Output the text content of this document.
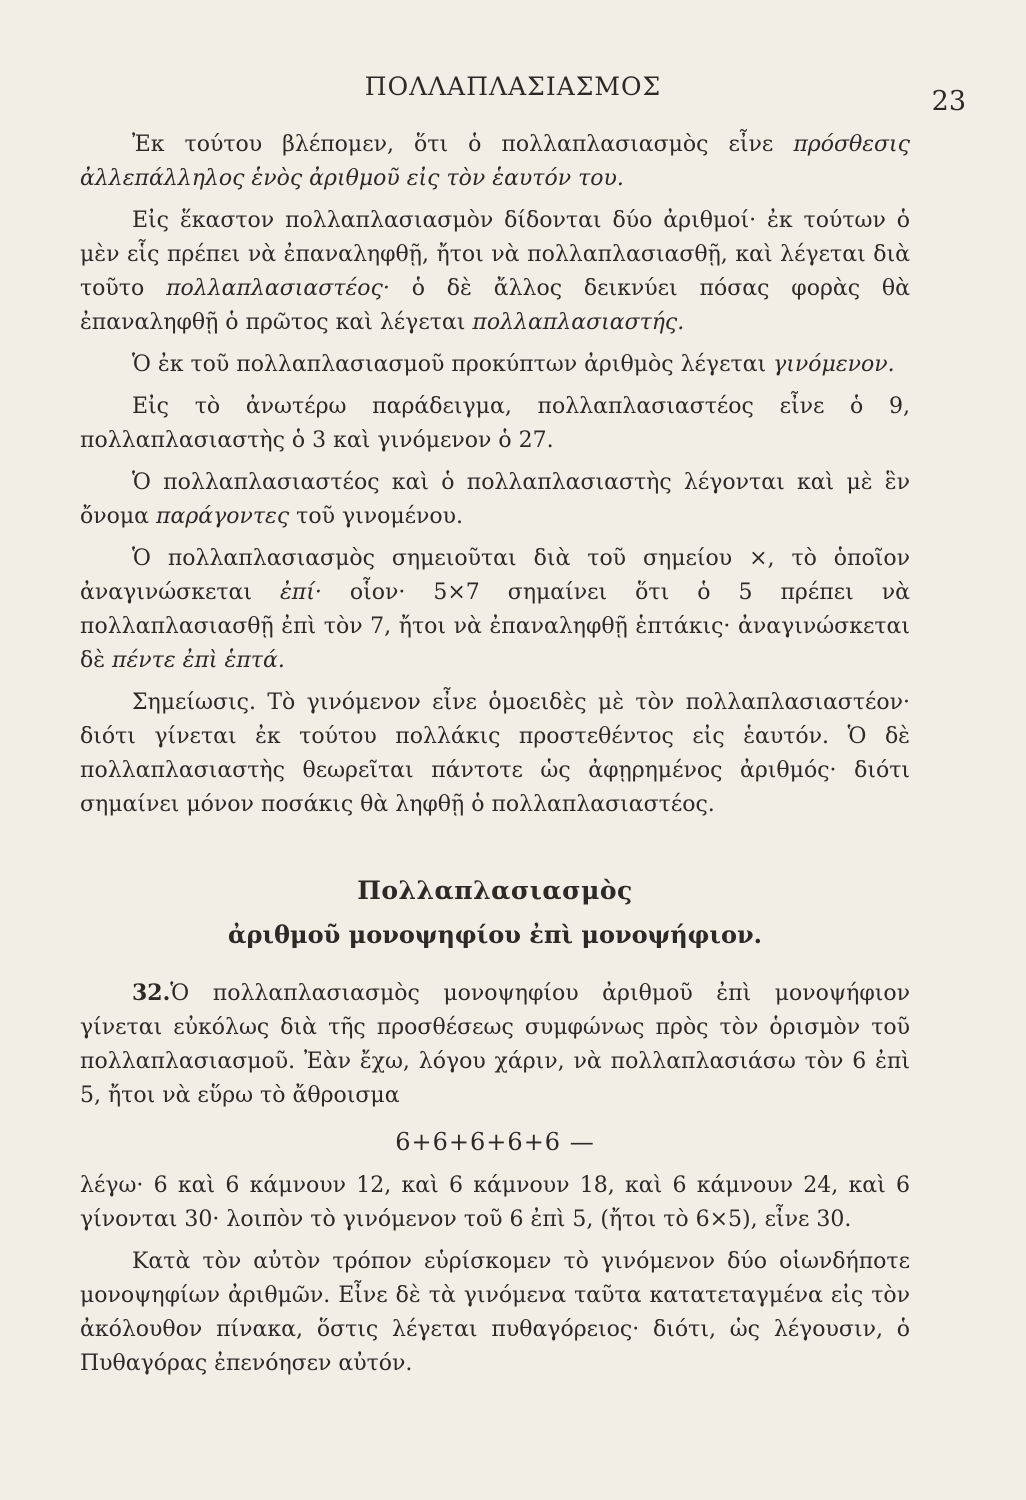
ΠΟΛΛΑΠΛΑΣΙΑΣΜΟΣ	23

Ἐκ τούτου βλέπομεν, ὅτι ὁ πολλαπλασιασμὸς εἶνε πρόσθεσις ἀλλεπάλληλος ἑνὸς ἀριθμοῦ εἰς τὸν ἑαυτόν του.

Εἰς ἕκαστον πολλαπλασιασμὸν δίδονται δύο ἀριθμοί· ἐκ τούτων ὁ μὲν εἷς πρέπει νὰ ἐπαναληφθῇ, ἤτοι νὰ πολλαπλασιασθῇ, καὶ λέγεται διὰ τοῦτο πολλαπλασιαστέος· ὁ δὲ ἄλλος δεικνύει πόσας φορὰς θὰ ἐπαναληφθῇ ὁ πρῶτος καὶ λέγεται πολλαπλασιαστής.

Ὁ ἐκ τοῦ πολλαπλασιασμοῦ προκύπτων ἀριθμὸς λέγεται γινόμενον.

Εἰς τὸ ἀνωτέρω παράδειγμα, πολλαπλασιαστέος εἶνε ὁ 9, πολλαπλασιαστὴς ὁ 3 καὶ γινόμενον ὁ 27.

Ὁ πολλαπλασιαστέος καὶ ὁ πολλαπλασιαστὴς λέγονται καὶ μὲ ἓν ὄνομα παράγοντες τοῦ γινομένου.

Ὁ πολλαπλασιασμὸς σημειοῦται διὰ τοῦ σημείου ×, τὸ ὁποῖον ἀναγινώσκεται ἐπί· οἷον· 5×7 σημαίνει ὅτι ὁ 5 πρέπει νὰ πολλαπλασιασθῇ ἐπὶ τὸν 7, ἤτοι νὰ ἐπαναληφθῇ ἑπτάκις· ἀναγινώσκεται δὲ πέντε ἐπὶ ἑπτά.

Σημείωσις. Τὸ γινόμενον εἶνε ὁμοειδὲς μὲ τὸν πολλαπλασιαστέον· διότι γίνεται ἐκ τούτου πολλάκις προστεθέντος εἰς ἑαυτόν. Ὁ δὲ πολλαπλασιαστὴς θεωρεῖται πάντοτε ὡς ἀφῃρημένος ἀριθμός· διότι σημαίνει μόνον ποσάκις θὰ ληφθῇ ὁ πολλαπλασιαστέος.

Πολλαπλασιασμὸς
ἀριθμοῦ μονοψηφίου ἐπὶ μονοψήφιον.

32.Ὁ πολλαπλασιασμὸς μονοψηφίου ἀριθμοῦ ἐπὶ μονοψήφιον γίνεται εὐκόλως διὰ τῆς προσθέσεως συμφώνως πρὸς τὸν ὁρισμὸν τοῦ πολλαπλασιασμοῦ. Ἐὰν ἔχω, λόγου χάριν, νὰ πολλαπλασιάσω τὸν 6 ἐπὶ 5, ἤτοι νὰ εὕρω τὸ ἄθροισμα

6+6+6+6+6 —

λέγω· 6 καὶ 6 κάμνουν 12, καὶ 6 κάμνουν 18, καὶ 6 κάμνουν 24, καὶ 6 γίνονται 30· λοιπὸν τὸ γινόμενον τοῦ 6 ἐπὶ 5, (ἤτοι τὸ 6×5), εἶνε 30.

Κατὰ τὸν αὐτὸν τρόπον εὑρίσκομεν τὸ γινόμενον δύο οἱωνδήποτε μονοψηφίων ἀριθμῶν. Εἶνε δὲ τὰ γινόμενα ταῦτα κατατεταγμένα εἰς τὸν ἀκόλουθον πίνακα, ὅστις λέγεται πυθαγόρειος· διότι, ὡς λέγουσιν, ὁ Πυθαγόρας ἐπενόησεν αὐτόν.
